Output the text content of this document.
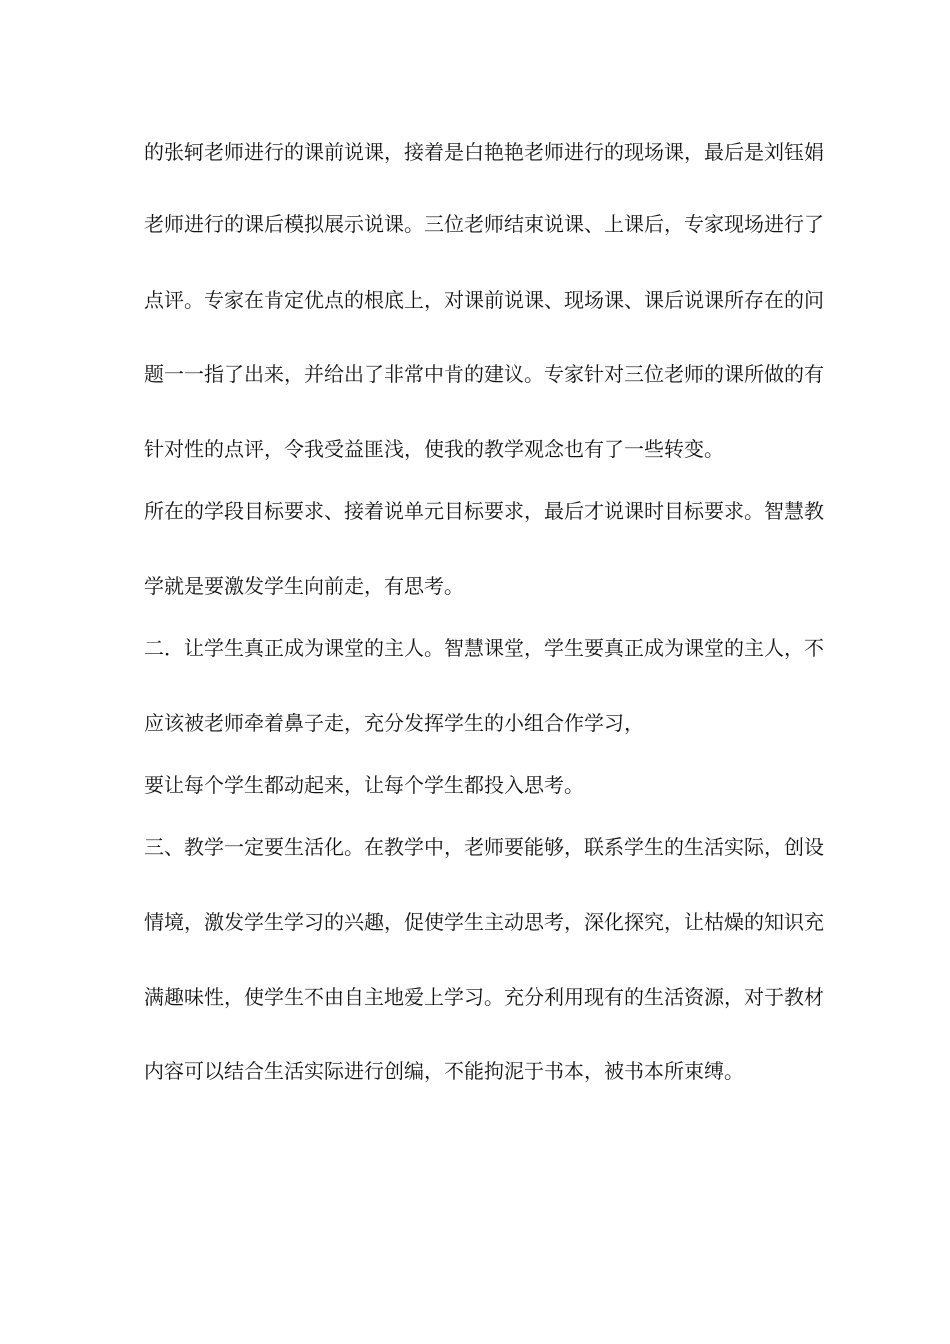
的张轲老师进行的课前说课，接着是白艳艳老师进行的现场课，最后是刘钰娟
老师进行的课后模拟展示说课。三位老师结束说课、上课后，专家现场进行了
点评。专家在肯定优点的根底上，对课前说课、现场课、课后说课所存在的问
题一一指了出来，并给出了非常中肯的建议。专家针对三位老师的课所做的有
针对性的点评，令我受益匪浅，使我的教学观念也有了一些转变。
所在的学段目标要求、接着说单元目标要求，最后才说课时目标要求。智慧教
学就是要激发学生向前走，有思考。
二．让学生真正成为课堂的主人。智慧课堂，学生要真正成为课堂的主人，不
应该被老师牵着鼻子走，充分发挥学生的小组合作学习，
要让每个学生都动起来，让每个学生都投入思考。
三、教学一定要生活化。在教学中，老师要能够，联系学生的生活实际，创设
情境，激发学生学习的兴趣，促使学生主动思考，深化探究，让枯燥的知识充
满趣味性，使学生不由自主地爱上学习。充分利用现有的生活资源，对于教材
内容可以结合生活实际进行创编，不能拘泥于书本，被书本所束缚。
